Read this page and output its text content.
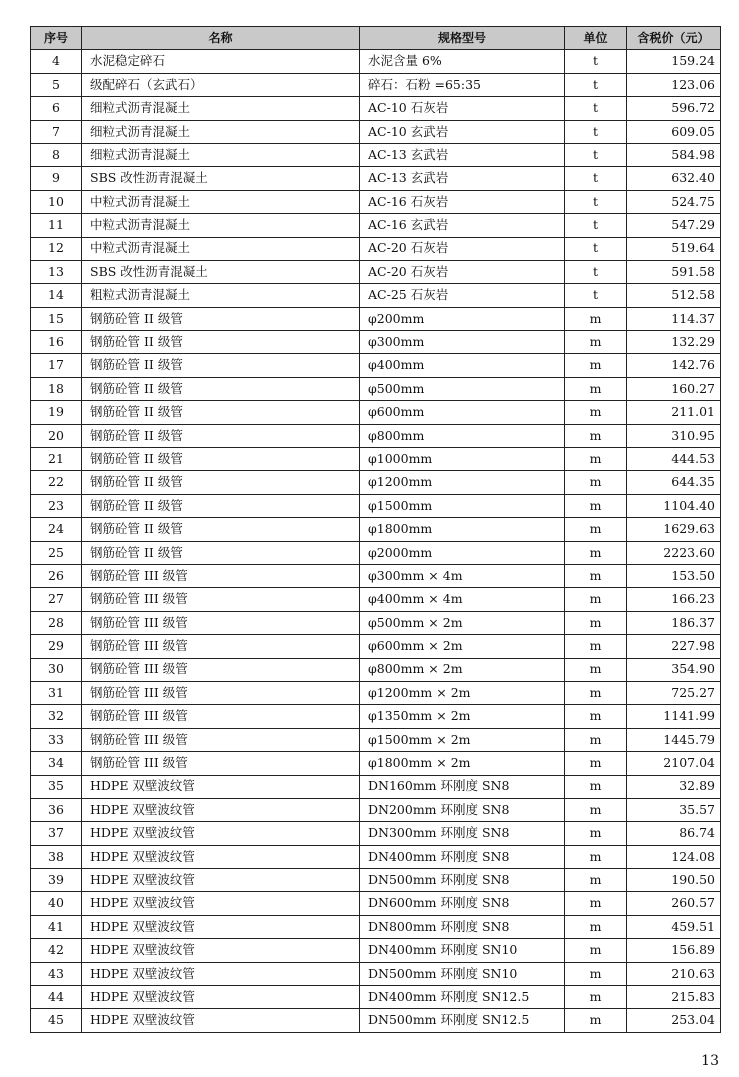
序号	名称	规格型号	单位	含税价（元）
4	水泥稳定碎石	水泥含量 6%	t	159.24
5	级配碎石（玄武石）	碎石：石粉 =65:35	t	123.06
6	细粒式沥青混凝土	AC-10 石灰岩	t	596.72
7	细粒式沥青混凝土	AC-10 玄武岩	t	609.05
8	细粒式沥青混凝土	AC-13 玄武岩	t	584.98
9	SBS 改性沥青混凝土	AC-13 玄武岩	t	632.40
10	中粒式沥青混凝土	AC-16 石灰岩	t	524.75
11	中粒式沥青混凝土	AC-16 玄武岩	t	547.29
12	中粒式沥青混凝土	AC-20 石灰岩	t	519.64
13	SBS 改性沥青混凝土	AC-20 石灰岩	t	591.58
14	粗粒式沥青混凝土	AC-25 石灰岩	t	512.58
15	钢筋砼管 II 级管	φ200mm	m	114.37
16	钢筋砼管 II 级管	φ300mm	m	132.29
17	钢筋砼管 II 级管	φ400mm	m	142.76
18	钢筋砼管 II 级管	φ500mm	m	160.27
19	钢筋砼管 II 级管	φ600mm	m	211.01
20	钢筋砼管 II 级管	φ800mm	m	310.95
21	钢筋砼管 II 级管	φ1000mm	m	444.53
22	钢筋砼管 II 级管	φ1200mm	m	644.35
23	钢筋砼管 II 级管	φ1500mm	m	1104.40
24	钢筋砼管 II 级管	φ1800mm	m	1629.63
25	钢筋砼管 II 级管	φ2000mm	m	2223.60
26	钢筋砼管 III 级管	φ300mm × 4m	m	153.50
27	钢筋砼管 III 级管	φ400mm × 4m	m	166.23
28	钢筋砼管 III 级管	φ500mm × 2m	m	186.37
29	钢筋砼管 III 级管	φ600mm × 2m	m	227.98
30	钢筋砼管 III 级管	φ800mm × 2m	m	354.90
31	钢筋砼管 III 级管	φ1200mm × 2m	m	725.27
32	钢筋砼管 III 级管	φ1350mm × 2m	m	1141.99
33	钢筋砼管 III 级管	φ1500mm × 2m	m	1445.79
34	钢筋砼管 III 级管	φ1800mm × 2m	m	2107.04
35	HDPE 双壁波纹管	DN160mm 环刚度 SN8	m	32.89
36	HDPE 双壁波纹管	DN200mm 环刚度 SN8	m	35.57
37	HDPE 双壁波纹管	DN300mm 环刚度 SN8	m	86.74
38	HDPE 双壁波纹管	DN400mm 环刚度 SN8	m	124.08
39	HDPE 双壁波纹管	DN500mm 环刚度 SN8	m	190.50
40	HDPE 双壁波纹管	DN600mm 环刚度 SN8	m	260.57
41	HDPE 双壁波纹管	DN800mm 环刚度 SN8	m	459.51
42	HDPE 双壁波纹管	DN400mm 环刚度 SN10	m	156.89
43	HDPE 双壁波纹管	DN500mm 环刚度 SN10	m	210.63
44	HDPE 双壁波纹管	DN400mm 环刚度 SN12.5	m	215.83
45	HDPE 双壁波纹管	DN500mm 环刚度 SN12.5	m	253.04
13
